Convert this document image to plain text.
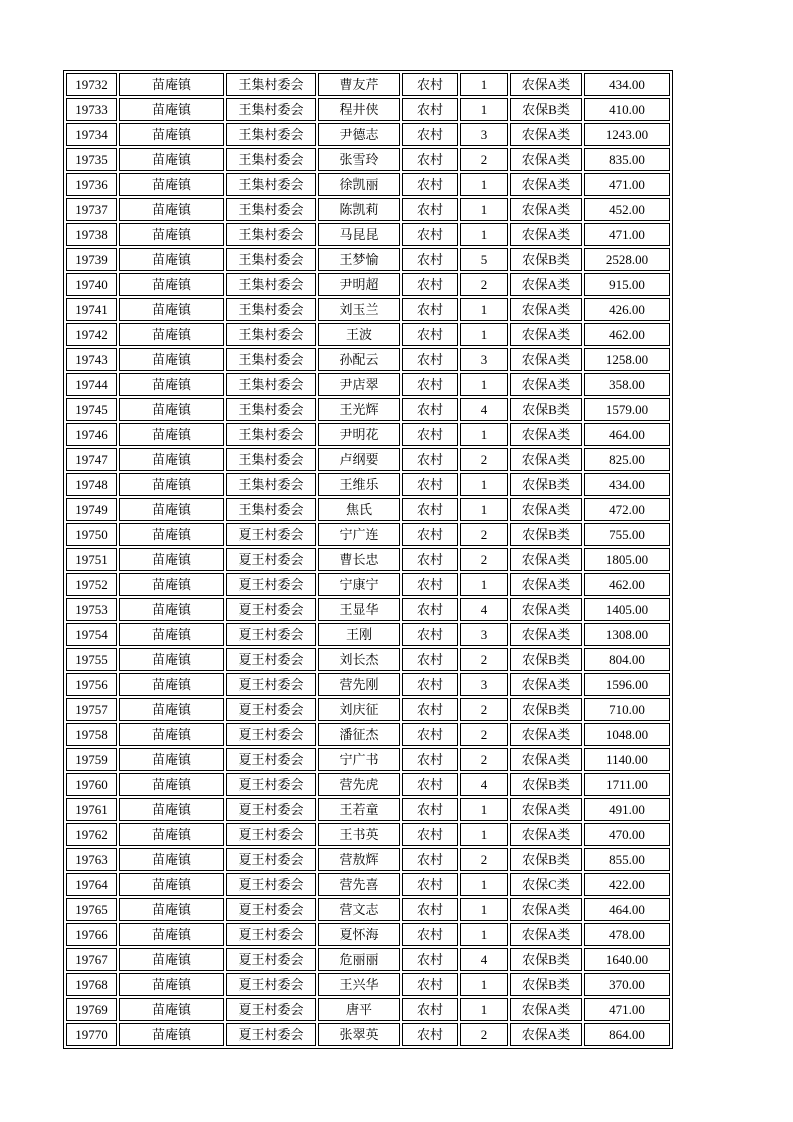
19732	苗庵镇	王集村委会	曹友芹	农村	1	农保A类	434.00
19733	苗庵镇	王集村委会	程井侠	农村	1	农保B类	410.00
19734	苗庵镇	王集村委会	尹德志	农村	3	农保A类	1243.00
19735	苗庵镇	王集村委会	张雪玲	农村	2	农保A类	835.00
19736	苗庵镇	王集村委会	徐凯丽	农村	1	农保A类	471.00
19737	苗庵镇	王集村委会	陈凯莉	农村	1	农保A类	452.00
19738	苗庵镇	王集村委会	马昆昆	农村	1	农保A类	471.00
19739	苗庵镇	王集村委会	王梦愉	农村	5	农保B类	2528.00
19740	苗庵镇	王集村委会	尹明超	农村	2	农保A类	915.00
19741	苗庵镇	王集村委会	刘玉兰	农村	1	农保A类	426.00
19742	苗庵镇	王集村委会	王波	农村	1	农保A类	462.00
19743	苗庵镇	王集村委会	孙配云	农村	3	农保A类	1258.00
19744	苗庵镇	王集村委会	尹店翠	农村	1	农保A类	358.00
19745	苗庵镇	王集村委会	王光辉	农村	4	农保B类	1579.00
19746	苗庵镇	王集村委会	尹明花	农村	1	农保A类	464.00
19747	苗庵镇	王集村委会	卢纲要	农村	2	农保A类	825.00
19748	苗庵镇	王集村委会	王维乐	农村	1	农保B类	434.00
19749	苗庵镇	王集村委会	焦氏	农村	1	农保A类	472.00
19750	苗庵镇	夏王村委会	宁广连	农村	2	农保B类	755.00
19751	苗庵镇	夏王村委会	曹长忠	农村	2	农保A类	1805.00
19752	苗庵镇	夏王村委会	宁康宁	农村	1	农保A类	462.00
19753	苗庵镇	夏王村委会	王显华	农村	4	农保A类	1405.00
19754	苗庵镇	夏王村委会	王刚	农村	3	农保A类	1308.00
19755	苗庵镇	夏王村委会	刘长杰	农村	2	农保B类	804.00
19756	苗庵镇	夏王村委会	营先刚	农村	3	农保A类	1596.00
19757	苗庵镇	夏王村委会	刘庆征	农村	2	农保B类	710.00
19758	苗庵镇	夏王村委会	潘征杰	农村	2	农保A类	1048.00
19759	苗庵镇	夏王村委会	宁广书	农村	2	农保A类	1140.00
19760	苗庵镇	夏王村委会	营先虎	农村	4	农保B类	1711.00
19761	苗庵镇	夏王村委会	王若童	农村	1	农保A类	491.00
19762	苗庵镇	夏王村委会	王书英	农村	1	农保A类	470.00
19763	苗庵镇	夏王村委会	营敖辉	农村	2	农保B类	855.00
19764	苗庵镇	夏王村委会	营先喜	农村	1	农保C类	422.00
19765	苗庵镇	夏王村委会	营文志	农村	1	农保A类	464.00
19766	苗庵镇	夏王村委会	夏怀海	农村	1	农保A类	478.00
19767	苗庵镇	夏王村委会	危丽丽	农村	4	农保B类	1640.00
19768	苗庵镇	夏王村委会	王兴华	农村	1	农保B类	370.00
19769	苗庵镇	夏王村委会	唐平	农村	1	农保A类	471.00
19770	苗庵镇	夏王村委会	张翠英	农村	2	农保A类	864.00
